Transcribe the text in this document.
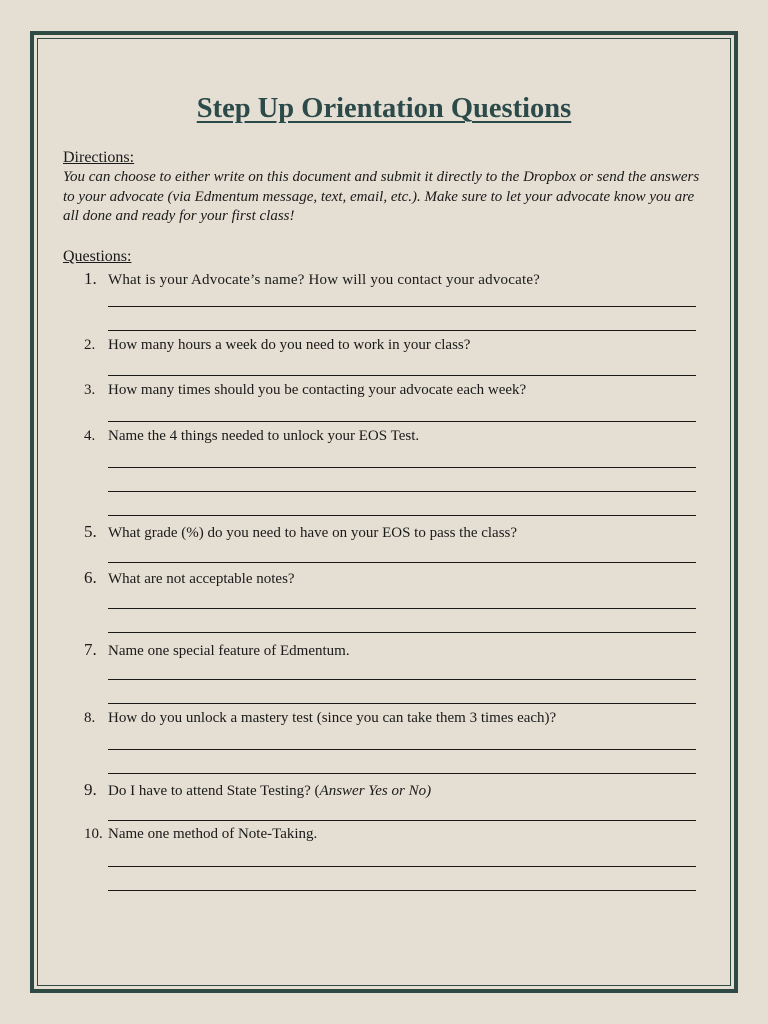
Step Up Orientation Questions
Directions:
You can choose to either write on this document and submit it directly to the Dropbox or send the answers to your advocate (via Edmentum message, text, email, etc.). Make sure to let your advocate know you are all done and ready for your first class!
Questions:
1. What is your Advocate’s name? How will you contact your advocate?
2. How many hours a week do you need to work in your class?
3. How many times should you be contacting your advocate each week?
4. Name the 4 things needed to unlock your EOS Test.
5. What grade (%) do you need to have on your EOS to pass the class?
6. What are not acceptable notes?
7. Name one special feature of Edmentum.
8. How do you unlock a mastery test (since you can take them 3 times each)?
9. Do I have to attend State Testing? (Answer Yes or No)
10. Name one method of Note-Taking.
